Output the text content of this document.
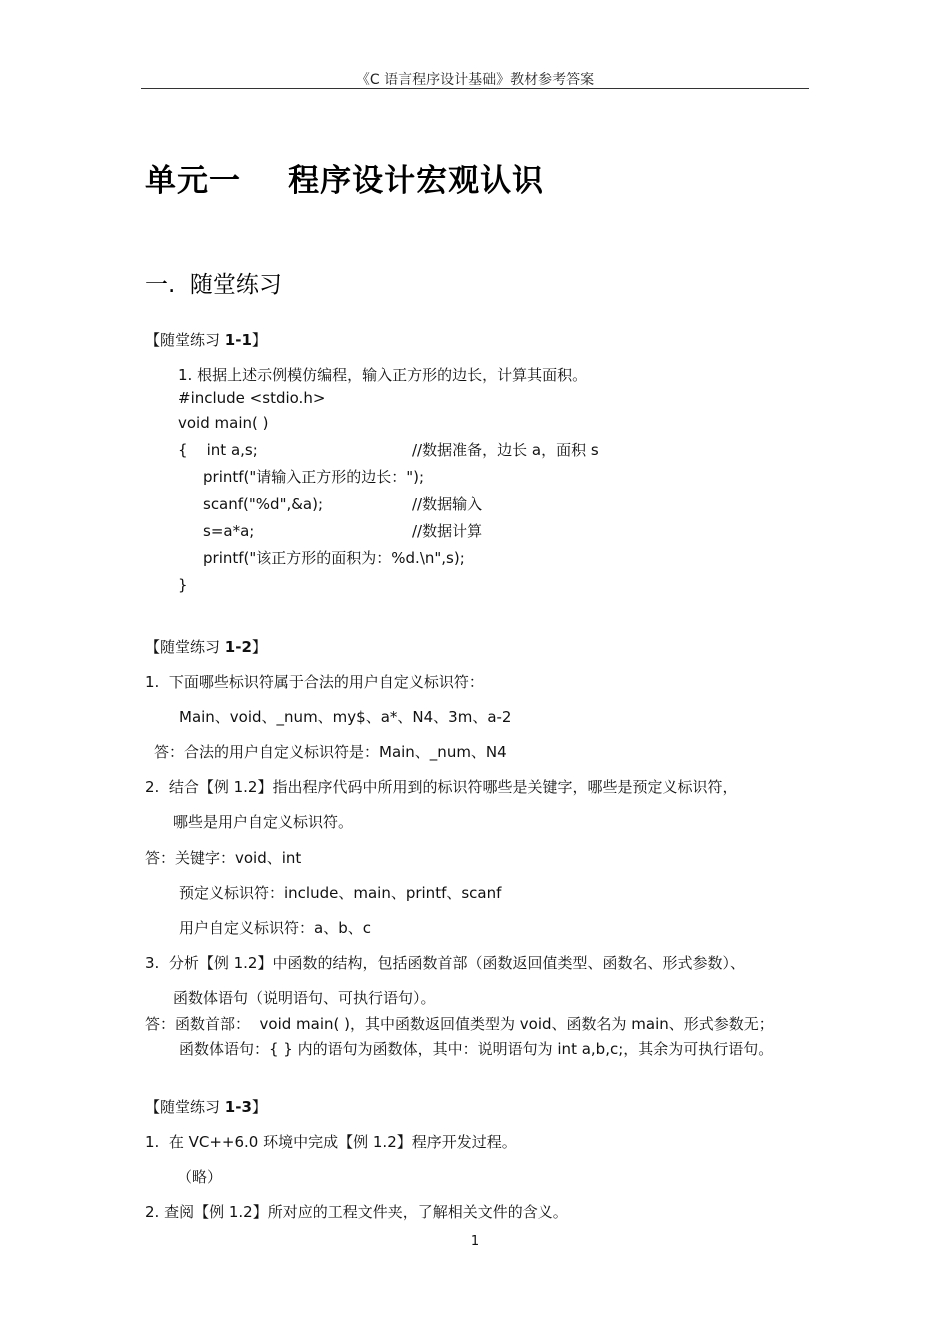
《C 语言程序设计基础》教材参考答案
单元一    程序设计宏观认识
一.  随堂练习
【随堂练习 1-1】
1. 根据上述示例模仿编程，输入正方形的边长，计算其面积。
#include <stdio.h>
void main( )
{    int a,s;	//数据准备，边长 a，面积 s
printf("请输入正方形的边长：");
scanf("%d",&a);	//数据输入
s=a*a;	//数据计算
printf("该正方形的面积为：%d.\n",s);
}
【随堂练习 1-2】
1.  下面哪些标识符属于合法的用户自定义标识符：
Main、void、_num、my$、a*、N4、3m、a-2
答：合法的用户自定义标识符是：Main、_num、N4
2.  结合【例 1.2】指出程序代码中所用到的标识符哪些是关键字，哪些是预定义标识符，
哪些是用户自定义标识符。
答：关键字：void、int
预定义标识符：include、main、printf、scanf
用户自定义标识符：a、b、c
3.  分析【例 1.2】中函数的结构，包括函数首部（函数返回值类型、函数名、形式参数）、
函数体语句（说明语句、可执行语句）。
答：函数首部：  void main( )，其中函数返回值类型为 void、函数名为 main、形式参数无；
函数体语句：{ } 内的语句为函数体，其中：说明语句为 int a,b,c;，其余为可执行语句。
【随堂练习 1-3】
1.  在 VC++6.0 环境中完成【例 1.2】程序开发过程。
（略）
2. 查阅【例 1.2】所对应的工程文件夹，了解相关文件的含义。
1
